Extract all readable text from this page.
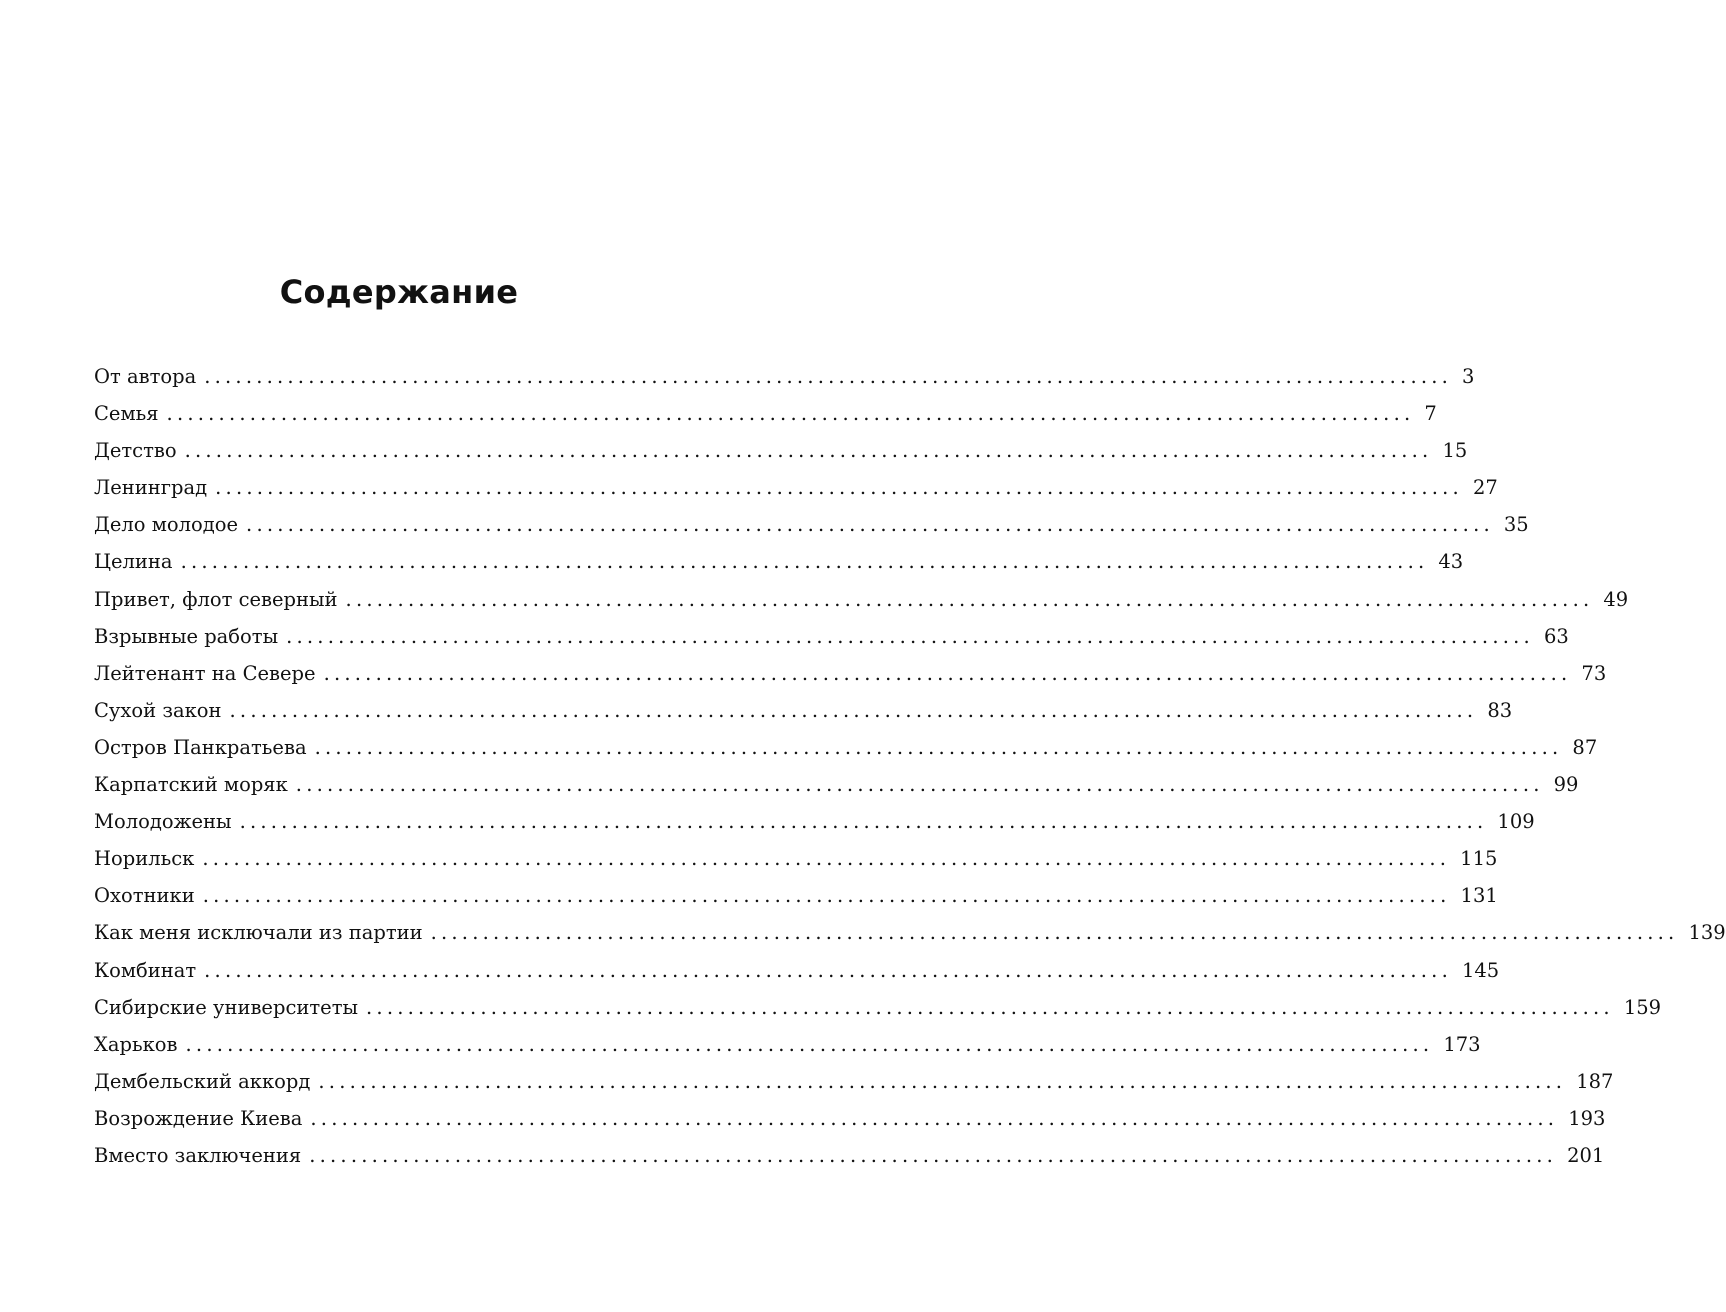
Содержание
От автора ........................................................................................................................ 3
Семья ........................................................................................................................ 7
Детство ........................................................................................................................ 15
Ленинград ........................................................................................................................ 27
Дело молодое ........................................................................................................................ 35
Целина ........................................................................................................................ 43
Привет, флот северный ........................................................................................................................ 49
Взрывные работы ........................................................................................................................ 63
Лейтенант на Севере ........................................................................................................................ 73
Сухой закон ........................................................................................................................ 83
Остров Панкратьева ........................................................................................................................ 87
Карпатский моряк ........................................................................................................................ 99
Молодожены ........................................................................................................................ 109
Норильск ........................................................................................................................ 115
Охотники ........................................................................................................................ 131
Как меня исключали из партии ........................................................................................................................ 139
Комбинат ........................................................................................................................ 145
Сибирские университеты ........................................................................................................................ 159
Харьков ........................................................................................................................ 173
Дембельский аккорд ........................................................................................................................ 187
Возрождение Киева ........................................................................................................................ 193
Вместо заключения ........................................................................................................................ 201
